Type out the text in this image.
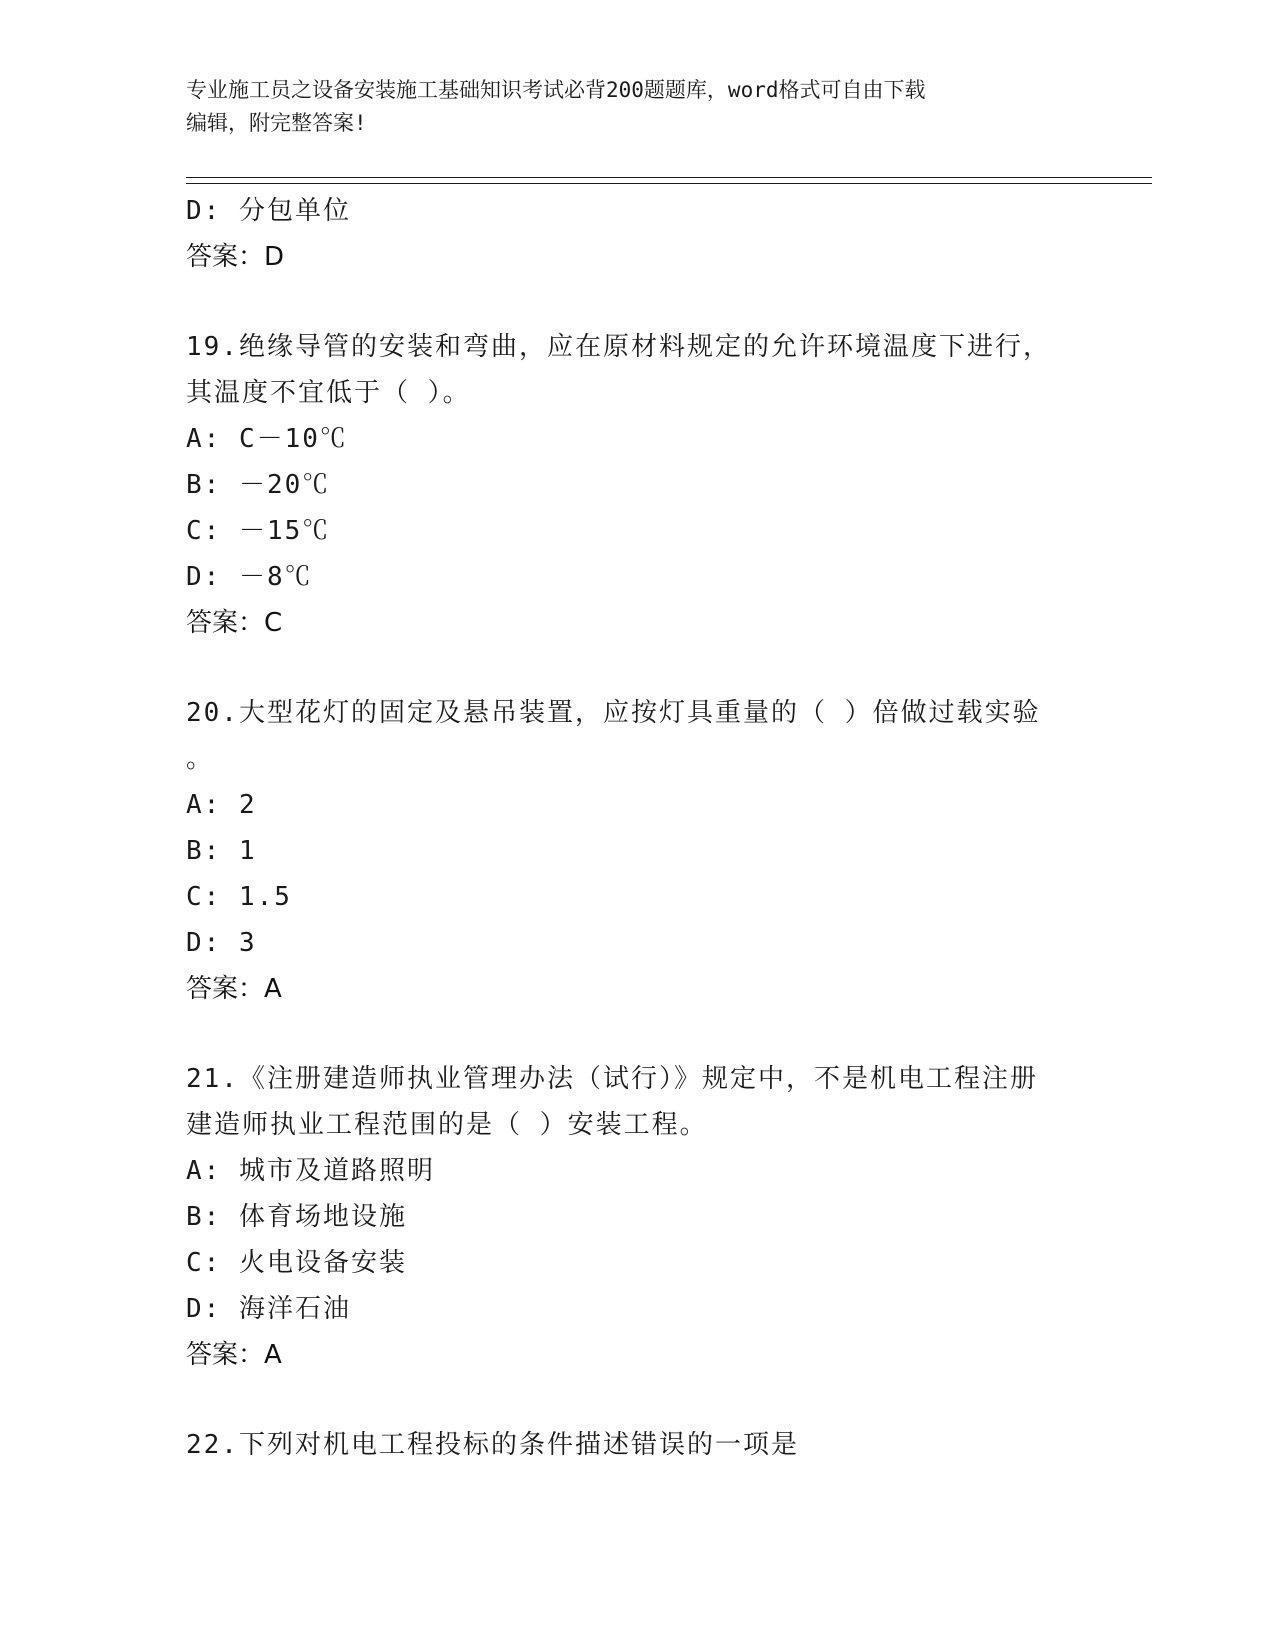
专业施工员之设备安装施工基础知识考试必背200题题库，word格式可自由下载
编辑，附完整答案!
D: 分包单位
答案：D
19.绝缘导管的安装和弯曲，应在原材料规定的允许环境温度下进行，
其温度不宜低于（ ）。
A: C－10℃
B: －20℃
C: －15℃
D: －8℃
答案：C
20.大型花灯的固定及悬吊装置，应按灯具重量的（ ）倍做过载实验
。
A: 2
B: 1
C: 1.5
D: 3
答案：A
21.《注册建造师执业管理办法（试行）》规定中，不是机电工程注册
建造师执业工程范围的是（ ）安装工程。
A: 城市及道路照明
B: 体育场地设施
C: 火电设备安装
D: 海洋石油
答案：A
22.下列对机电工程投标的条件描述错误的一项是
